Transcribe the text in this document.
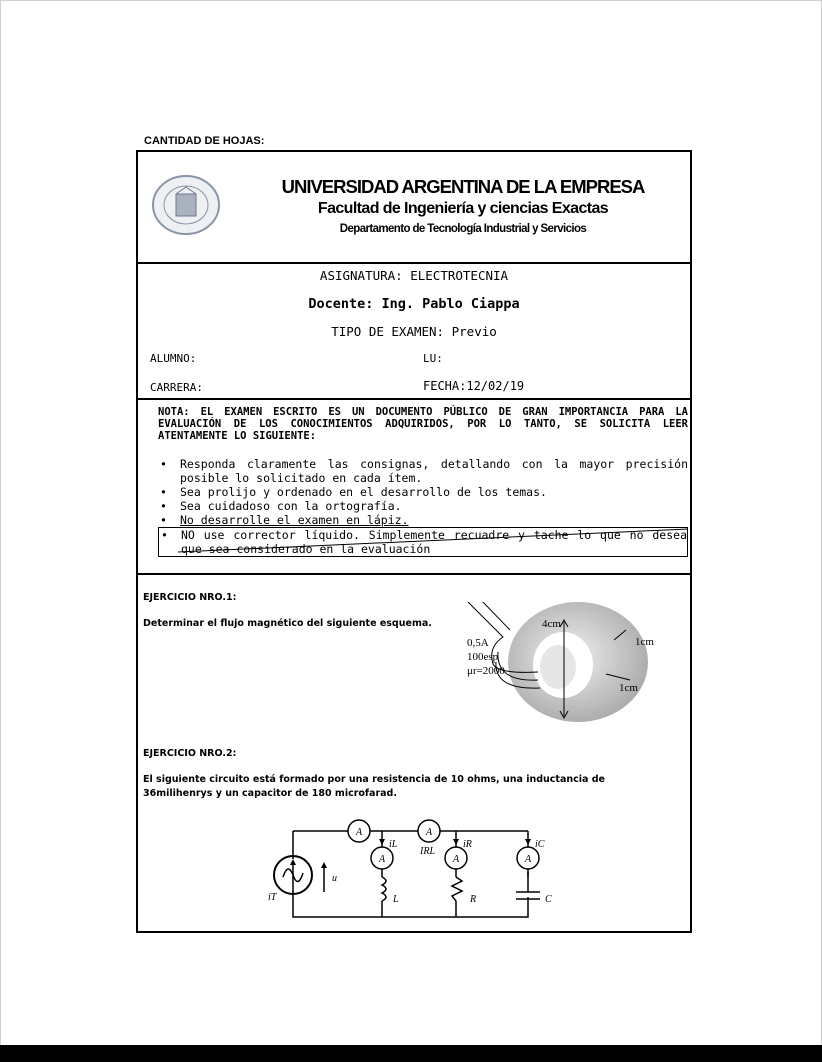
CANTIDAD DE HOJAS:
UNIVERSIDAD ARGENTINA DE LA EMPRESA
Facultad de Ingeniería y ciencias Exactas
Departamento de Tecnología Industrial y Servicios
ASIGNATURA: ELECTROTECNIA
Docente: Ing. Pablo Ciappa
TIPO DE EXAMEN: Previo
ALUMNO:	LU:
CARRERA:	FECHA:12/02/19
NOTA: EL EXAMEN ESCRITO ES UN DOCUMENTO PÚBLICO DE GRAN IMPORTANCIA PARA LA EVALUACIÓN DE LOS CONOCIMIENTOS ADQUIRIDOS, POR LO TANTO, SE SOLICITA LEER ATENTAMENTE LO SIGUIENTE:
• Responda claramente las consignas, detallando con la mayor precisión posible lo solicitado en cada ítem.
• Sea prolijo y ordenado en el desarrollo de los temas.
• Sea cuidadoso con la ortografía.
• No desarrolle el examen en lápiz.
• NO use corrector líquido. Simplemente recuadre y tache lo que no desea que sea considerado en la evaluación
EJERCICIO NRO.1:
Determinar el flujo magnético del siguiente esquema.	4cm
1cm
1cm
0,5A
100esp
μr=2000
EJERCICIO NRO.2:
El siguiente circuito está formado por una resistencia de 10 ohms, una inductancia de 36milihenrys y un capacitor de 180 microfarad.
A	A
A	A	A
iT
u
iL
IRL
iR	iC
L	R	C
